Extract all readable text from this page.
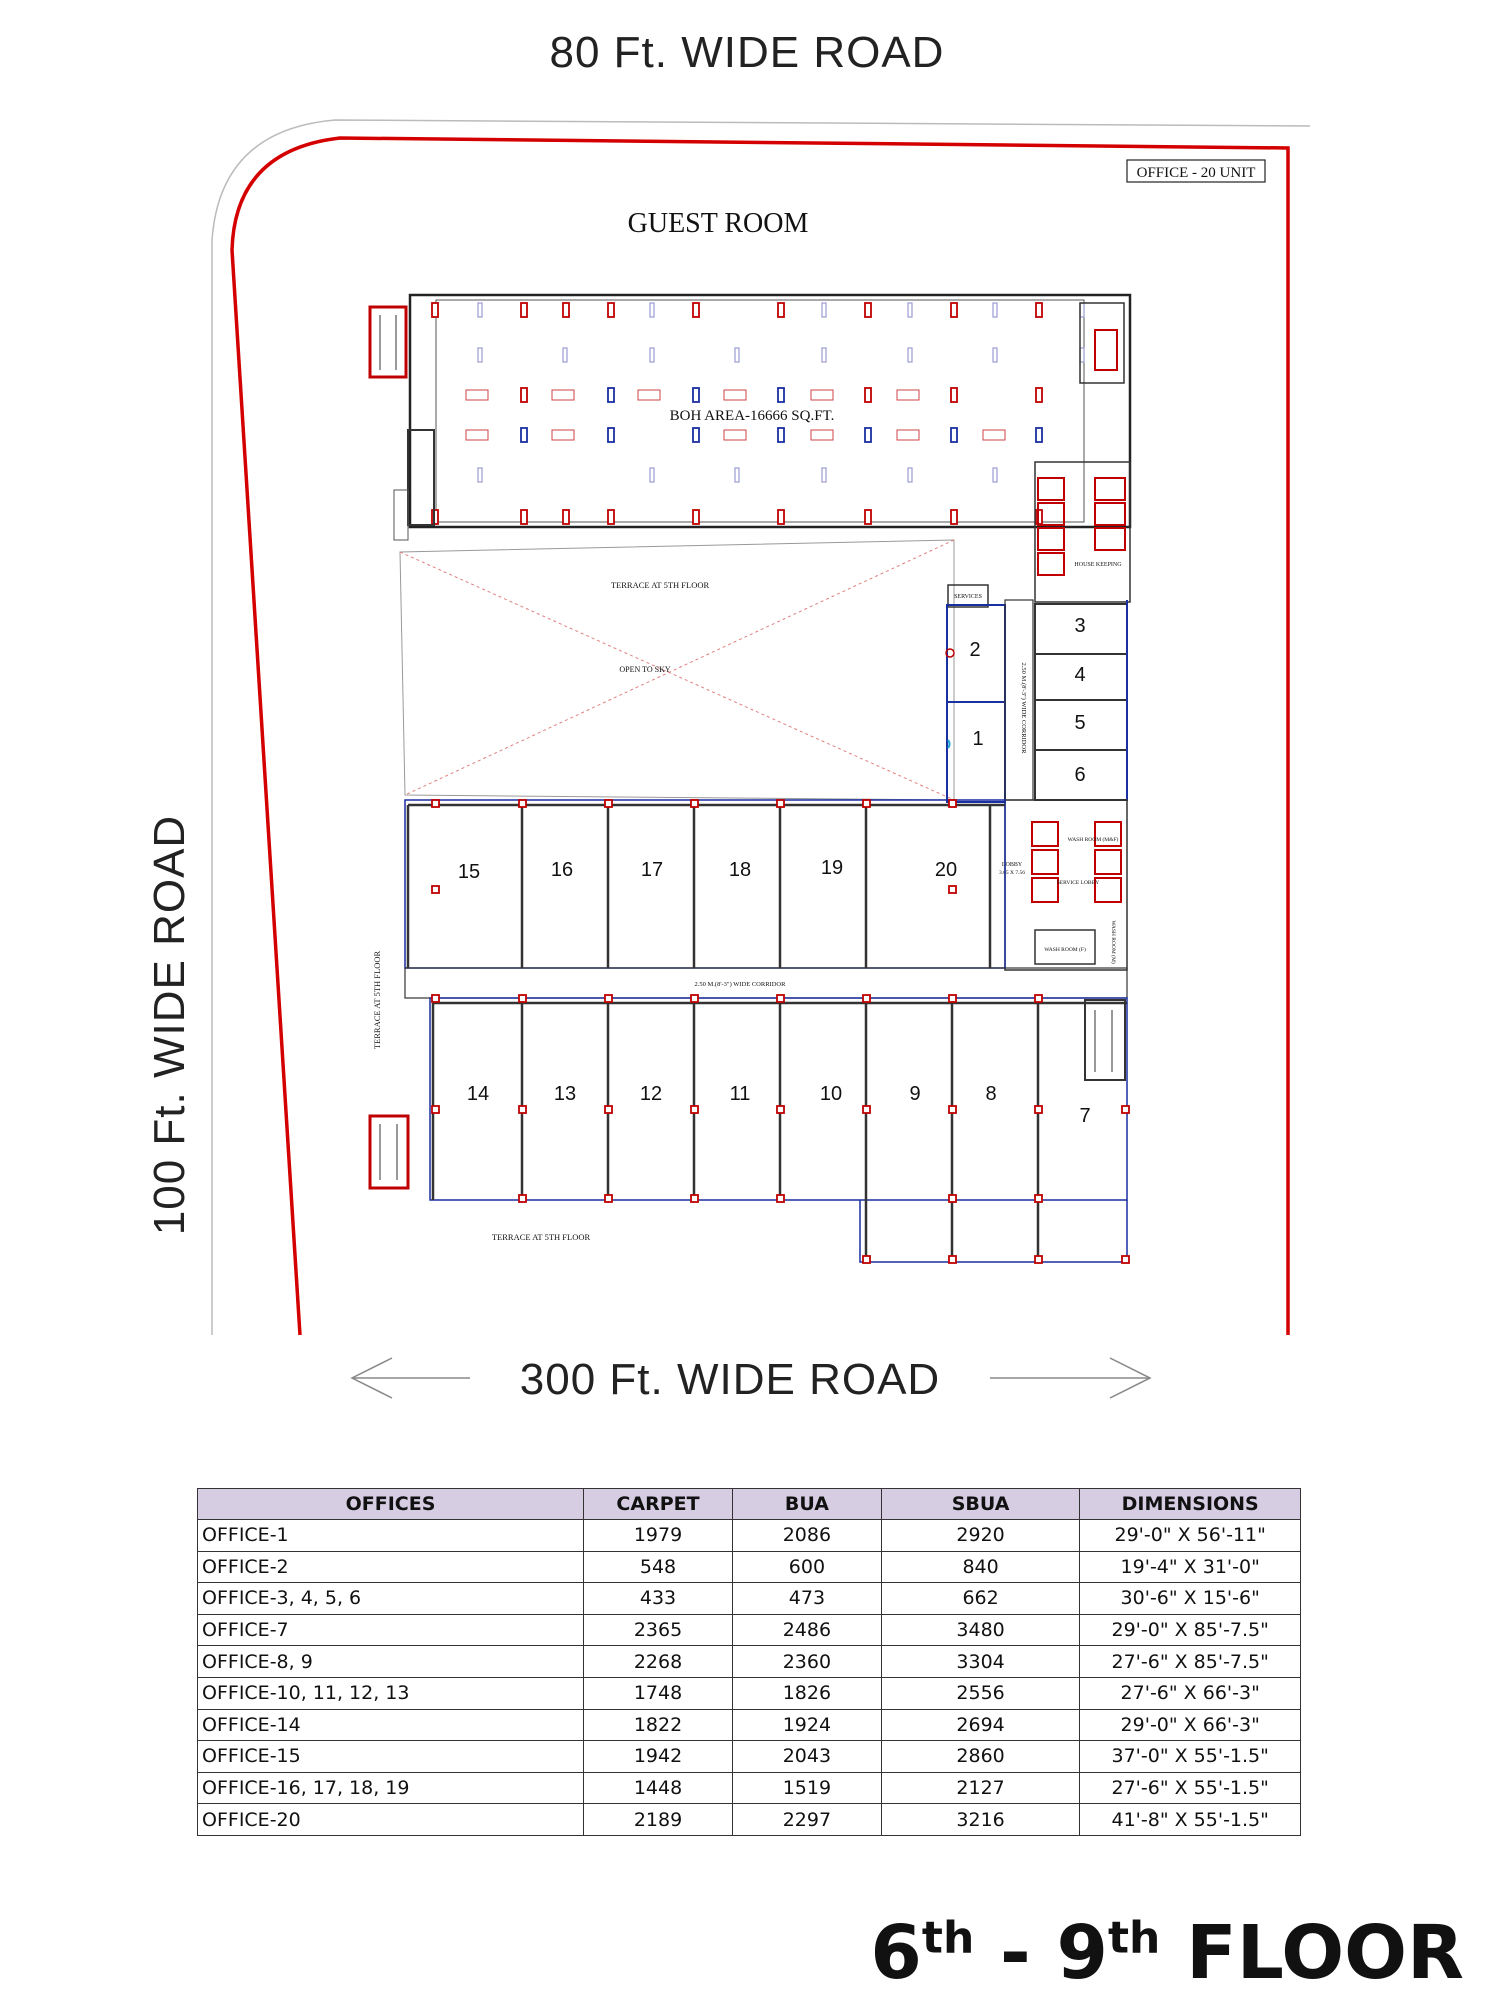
80 Ft. WIDE ROAD
100 Ft. WIDE ROAD
OFFICE - 20 UNIT
GUEST ROOM
BOH AREA-16666 SQ.FT.
TERRACE AT 5TH FLOOR
OPEN TO SKY
HOUSE KEEPING
SERVICES
2
1	2.50 M.(8'-3") WIDE CORRIDOR
3
4
5
6
WASH ROOM (M&F)
LOBBY
3.65 X 7.56
SERVICE LOBBY
WASH ROOM (F)	WASH ROOM (M)
15	16	17	18	19	20
2.50 M.(8'-3") WIDE CORRIDOR
14	13	12	11	10	9	8
7
TERRACE AT 5TH FLOOR
TERRACE AT 5TH FLOOR
300 Ft. WIDE ROAD
OFFICES	CARPET	BUA	SBUA	DIMENSIONS
OFFICE-1	1979	2086	2920	29'-0" X 56'-11"
OFFICE-2	548	600	840	19'-4" X 31'-0"
OFFICE-3, 4, 5, 6	433	473	662	30'-6" X 15'-6"
OFFICE-7	2365	2486	3480	29'-0" X 85'-7.5"
OFFICE-8, 9	2268	2360	3304	27'-6" X 85'-7.5"
OFFICE-10, 11, 12, 13	1748	1826	2556	27'-6" X 66'-3"
OFFICE-14	1822	1924	2694	29'-0" X 66'-3"
OFFICE-15	1942	2043	2860	37'-0" X 55'-1.5"
OFFICE-16, 17, 18, 19	1448	1519	2127	27'-6" X 55'-1.5"
OFFICE-20	2189	2297	3216	41'-8" X 55'-1.5"
6th - 9th FLOOR
